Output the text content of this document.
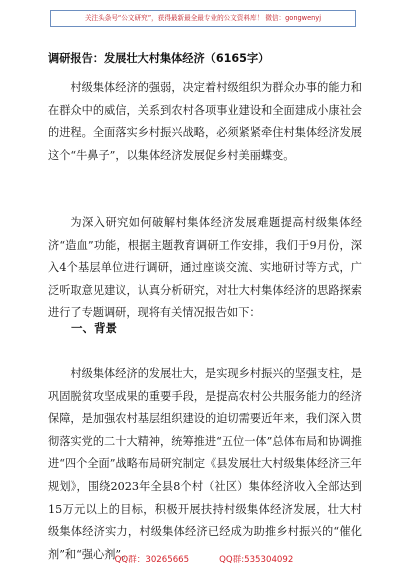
关注头条号“公文研究”，获得最新最全最专业的公文资料库！ 微信：gongwenyj
调研报告：发展壮大村集体经济（6165字）

村级集体经济的强弱，决定着村级组织为群众办事的能力和在群众中的威信，关系到农村各项事业建设和全面建成小康社会的进程。全面落实乡村振兴战略，必须紧紧牵住村集体经济发展这个“牛鼻子”，以集体经济发展促乡村美丽蝶变。

为深入研究如何破解村集体经济发展难题提高村级集体经济“造血”功能，根据主题教育调研工作安排，我们于9月份，深入4个基层单位进行调研，通过座谈交流、实地研讨等方式，广泛听取意见建议，认真分析研究，对壮大村集体经济的思路探索进行了专题调研，现将有关情况报告如下：

一、背景

村级集体经济的发展壮大，是实现乡村振兴的坚强支柱，是巩固脱贫攻坚成果的重要手段，是提高农村公共服务能力的经济保障，是加强农村基层组织建设的迫切需要近年来，我们深入贯彻落实党的二十大精神，统筹推进“五位一体”总体布局和协调推进“四个全面”战略布局研究制定《县发展壮大村级集体经济三年规划》，围绕2023年全县8个村（社区）集体经济收入全部达到15万元以上的目标，积极开展扶持村级集体经济发展，壮大村级集体经济实力，村级集体经济已经成为助推乡村振兴的“催化剂”和“强心剂”。

QQ群：30265665	QQ群:535304092
